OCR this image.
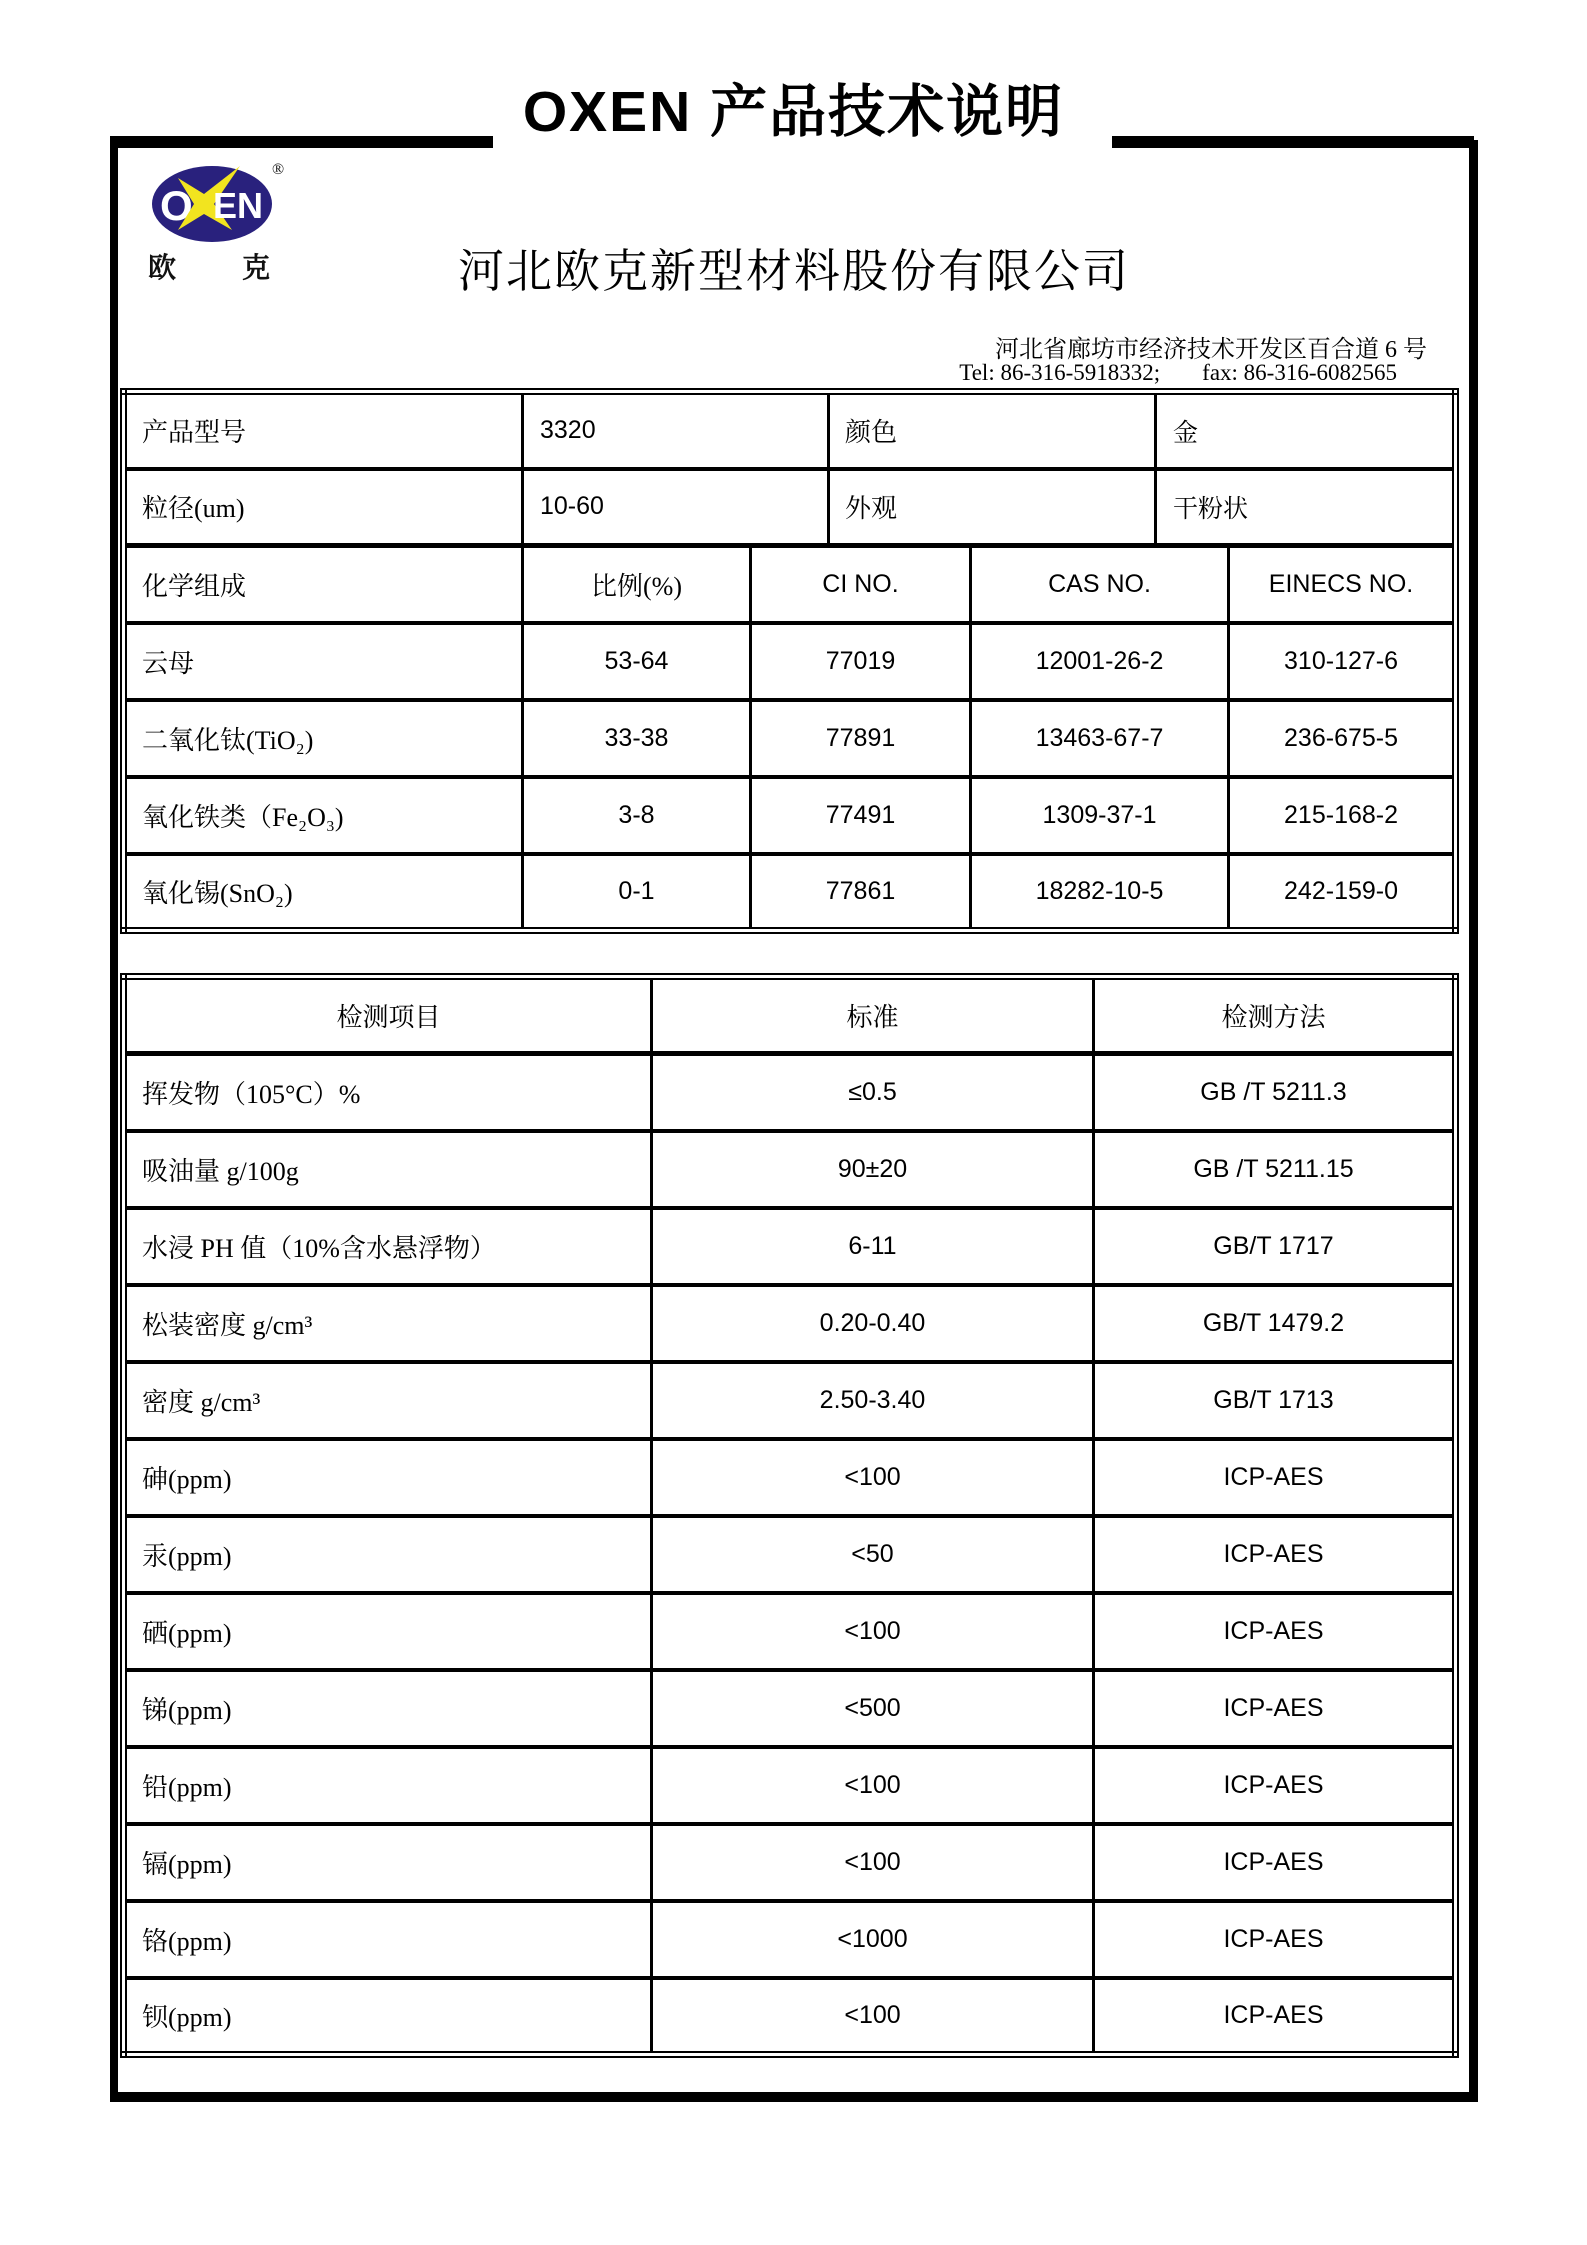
OXEN 产品技术说明
O EN
®
欧 克	河北欧克新型材料股份有限公司
河北省廊坊市经济技术开发区百合道 6 号
Tel: 86-316-5918332; fax: 86-316-6082565
产品型号	3320		颜色		金	
粒径(um)	10-60		外观		干粉状	
化学组成	比例(%)	CI NO.		CAS NO.		EINECS NO.
云母	53-64	77019		12001-26-2		310-127-6
二氧化钛(TiO₂)	33-38	77891		13463-67-7		236-675-5
氧化铁类（Fe₂O₃)	3-8	77491		1309-37-1		215-168-2
氧化锡(SnO₂)	0-1	77861		18282-10-5		242-159-0
检测项目	标准	检测方法
挥发物（105°C）%	≤0.5	GB /T 5211.3
吸油量 g/100g	90±20	GB /T 5211.15
水浸 PH 值（10%含水悬浮物）	6-11	GB/T 1717
松装密度 g/cm³	0.20-0.40	GB/T 1479.2
密度 g/cm³	2.50-3.40	GB/T 1713
砷(ppm)	<100	ICP-AES
汞(ppm)	<50	ICP-AES
硒(ppm)	<100	ICP-AES
锑(ppm)	<500	ICP-AES
铅(ppm)	<100	ICP-AES
镉(ppm)	<100	ICP-AES
铬(ppm)	<1000	ICP-AES
钡(ppm)	<100	ICP-AES
